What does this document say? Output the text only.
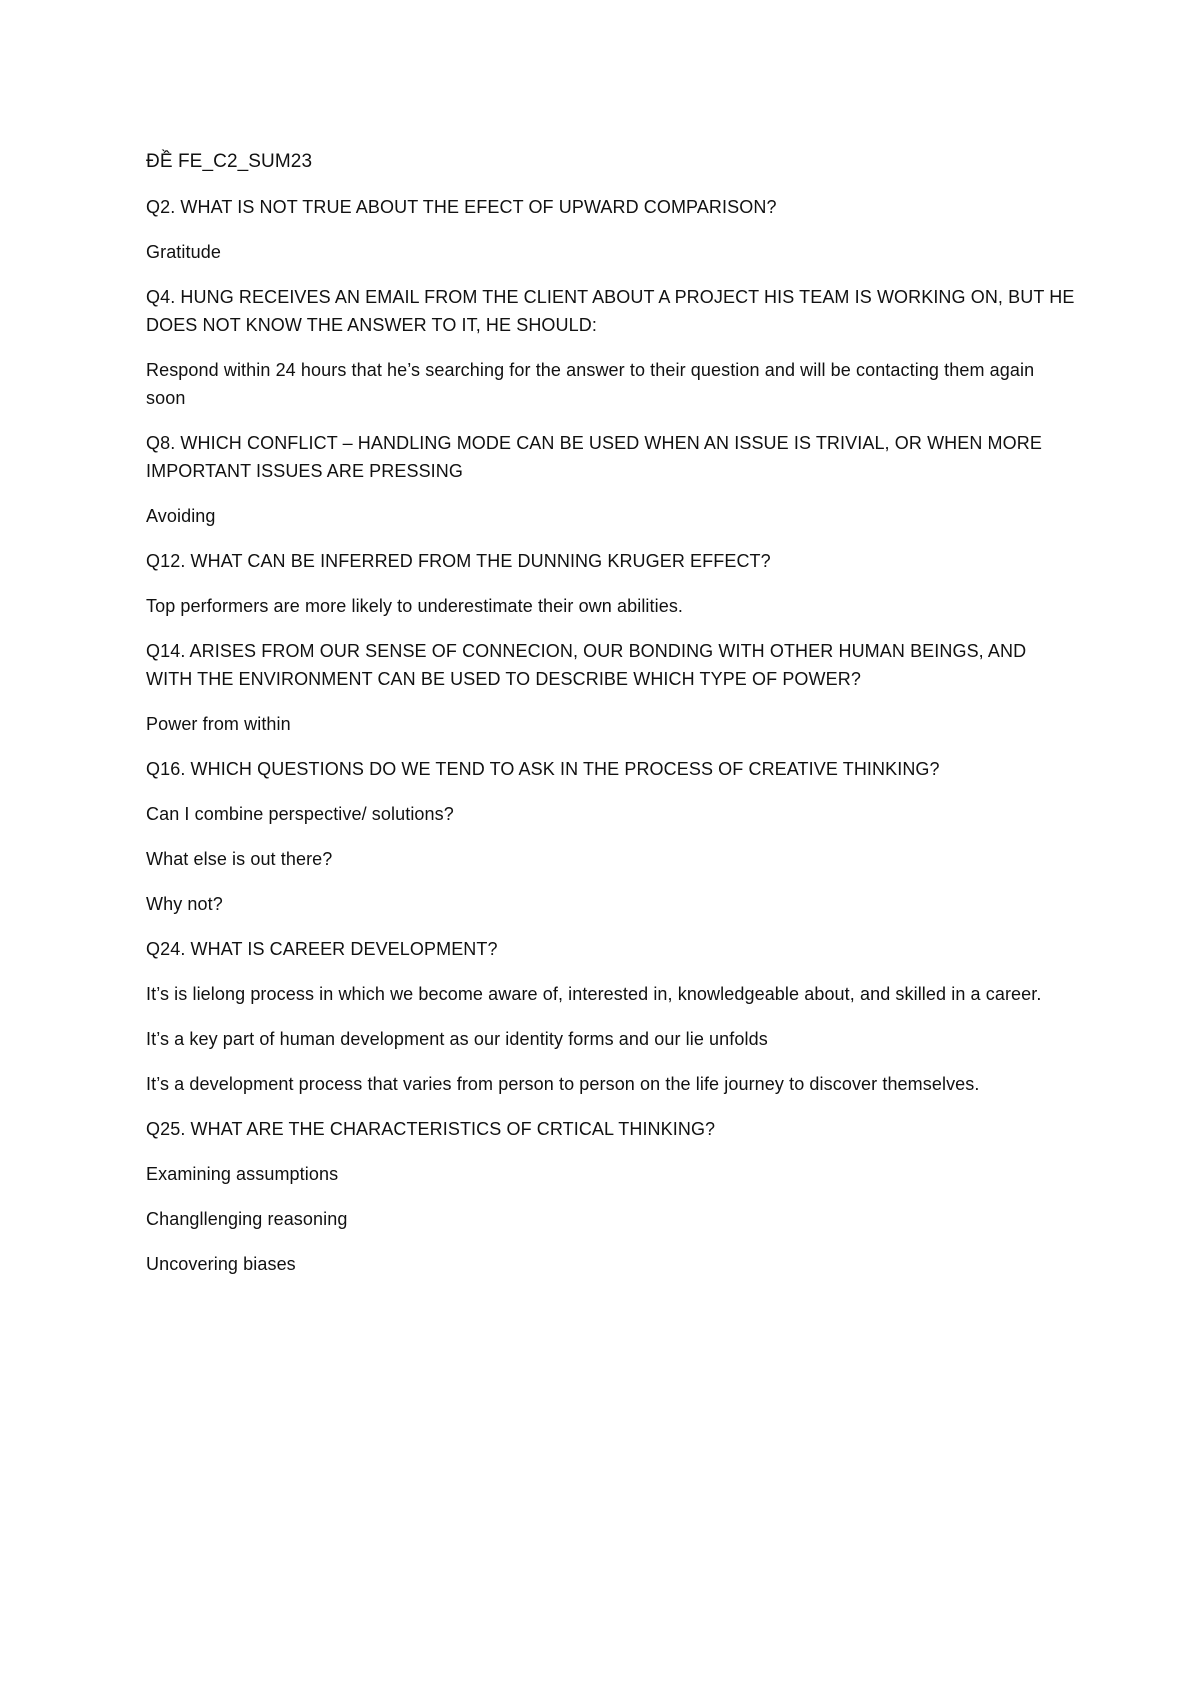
ĐỀ FE_C2_SUM23

Q2. WHAT IS NOT TRUE ABOUT THE EFECT OF UPWARD COMPARISON?

Gratitude

Q4. HUNG RECEIVES AN EMAIL FROM THE CLIENT ABOUT A PROJECT HIS TEAM IS WORKING ON, BUT HE DOES NOT KNOW THE ANSWER TO IT, HE SHOULD:

Respond within 24 hours that he’s searching for the answer to their question and will be contacting them again soon

Q8. WHICH CONFLICT – HANDLING MODE CAN BE USED WHEN AN ISSUE IS TRIVIAL, OR WHEN MORE IMPORTANT ISSUES ARE PRESSING

Avoiding

Q12. WHAT CAN BE INFERRED FROM THE DUNNING KRUGER EFFECT?

Top performers are more likely to underestimate their own abilities.

Q14. ARISES FROM OUR SENSE OF CONNECION, OUR BONDING WITH OTHER HUMAN BEINGS, AND WITH THE ENVIRONMENT CAN BE USED TO DESCRIBE WHICH TYPE OF POWER?

Power from within

Q16. WHICH QUESTIONS DO WE TEND TO ASK IN THE PROCESS OF CREATIVE THINKING?

Can I combine perspective/ solutions?

What else is out there?

Why not?

Q24. WHAT IS CAREER DEVELOPMENT?

It’s is lielong process in which we become aware of, interested in, knowledgeable about, and skilled in a career.

It’s a key part of human development as our identity forms and our lie unfolds

It’s a development process that varies from person to person on the life journey to discover themselves.

Q25. WHAT ARE THE CHARACTERISTICS OF CRTICAL THINKING?

Examining assumptions

Changllenging reasoning

Uncovering biases
